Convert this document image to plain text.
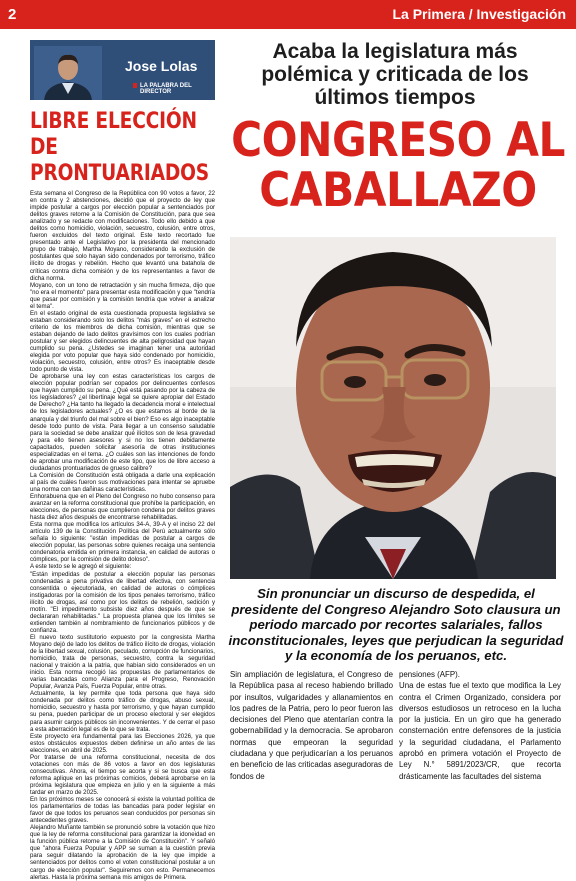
2	La Primera / Investigación
Jose Lolas
LA PALABRA DEL DIRECTOR
LIBRE ELECCIÓN DE PRONTUARIADOS

Esta semana el Congreso de la República con 90 votos a favor, 22 en contra y 2 abstenciones, decidió que el proyecto de ley que impide postular a cargos por elección popular a sentenciados por delitos graves retorne a la Comisión de Constitución, para que sea analizado y se redacte con modificaciones. Todo ello debido a que delitos como homicidio, violación, secuestro, colusión, entre otros, fueron excluidos del texto original. Este texto recortado fue presentado ante el Legislativo por la presidenta del mencionado grupo de trabajo, Martha Moyano, considerando la exclusión de postulantes que solo hayan sido condenados por terrorismo, tráfico ilícito de drogas y rebelión. Hecho que levantó una batahola de críticas contra dicha comisión y de los representantes a favor de dicha norma.

Moyano, con un tono de retractación y sin mucha firmeza, dijo que "no era el momento" para presentar esta modificación y que "tendría que pasar por comisión y la comisión tendría que volver a analizar el tema".

En el estado original de esta cuestionada propuesta legislativa se estaban considerando solo los delitos "más graves" en el estrecho criterio de los miembros de dicha comisión, mientras que se estaban dejando de lado delitos gravísimos con los cuales podrían postular y ser elegidos delincuentes de alta peligrosidad que hayan cumplido su pena. ¿Ustedes se imaginan tener una autoridad elegida por voto popular que haya sido condenado por homicidio, violación, secuestro, colusión, entre otros? Es inaceptable desde todo punto de vista.

De aprobarse una ley con estas características los cargos de elección popular podrían ser copados por delincuentes confesos que hayan cumplido su pena. ¿Qué está pasando por la cabeza de los legisladores? ¿el libertinaje legal se quiere apropiar del Estado de Derecho? ¿Ha tanto ha llegado la decadencia moral e intelectual de los legisladores actuales? ¿O es que estamos al borde de la anarquía y del triunfo del mal sobre el bien? Eso es algo inaceptable desde todo punto de vista. Para llegar a un consenso saludable para la sociedad se debe analizar qué ilícitos son de lesa gravedad y para ello tienen asesores y si no los tienen debidamente capacitados, pueden solicitar asesoría de otras instituciones especializadas en el tema. ¿O cuáles son las intenciones de fondo de aprobar una modificación de este tipo, que los de libre acceso a ciudadanos prontuariados de grueso calibre?

La Comisión de Constitución está obligada a darle una explicación al país de cuáles fueron sus motivaciones para intentar se apruebe una norma con tan dañinas características.

Enhorabuena que en el Pleno del Congreso no hubo consenso para avanzar en la reforma constitucional que prohíbe la participación, en elecciones, de personas que cumplieron condena por delitos graves hasta diez años después de encontrarse rehabilitadas.

Esta norma que modifica los artículos 34-A, 39-A y el inciso 22 del artículo 139 de la Constitución Política del Perú actualmente sólo señala lo siguiente: "están impedidas de postular a cargos de elección popular, las personas sobre quienes recaiga una sentencia condenatoria emitida en primera instancia, en calidad de autoras o cómplices, por la comisión de delito doloso".

A este texto se le agregó el siguiente:

"Están impedidas de postular a elección popular las personas condenadas a pena privativa de libertad efectiva, con sentencia consentida o ejecutoriada, en calidad de autoras o cómplices instigadoras por la comisión de los tipos penales terrorismo, tráfico ilícito de drogas, así como por los delitos de rebelión, sedición y motín. "El impedimento subsiste diez años después de que se declararan rehabilitadas." La propuesta planea que los límites se extienden también al nombramiento de funcionarios públicos y de confianza.

El nuevo texto sustitutorio expuesto por la congresista Martha Moyano dejó de lado los delitos de tráfico ilícito de drogas, violación de la libertad sexual, colusión, peculado, corrupción de funcionarios, homicidio, trata de personas, secuestro, contra la seguridad nacional y traición a la patria, que habían sido considerados en un inicio. Esta norma recogió las propuestas de parlamentarios de varias bancadas como Alianza para el Progreso, Renovación Popular, Avanza País, Fuerza Popular, entre otras.

Actualmente, la ley permite que toda persona que haya sido condenada por delitos como tráfico de drogas, abuso sexual, homicidio, secuestro y hasta por terrorismo, y que hayan cumplido su pena, pueden participar de un proceso electoral y ser elegidos para asumir cargos públicos sin inconvenientes. Y de cerrar el paso a esta aberración legal es de lo que se trata.

Este proyecto era fundamental para las Elecciones 2026, ya que estos obstáculos expuestos deben definirse un año antes de las elecciones, en abril de 2025.

Por tratarse de una reforma constitucional, necesita de dos votaciones con más de 86 votos a favor en dos legislaturas consecutivas. Ahora, el tiempo se acorta y si se busca que esta reforma aplique en las próximas comicios, deberá aprobarse en la próxima legislatura que empieza en julio y en la siguiente a más tardar en marzo de 2025.

En los próximos meses se conocerá si existe la voluntad política de los parlamentarios de todas las bancadas para poder legislar en favor de que todos los peruanos sean conducidos por personas sin antecedentes graves.

Alejandro Muñante también se pronunció sobre la votación que hizo que la ley de reforma constitucional para garantizar la idoneidad en la función pública retorne a la Comisión de Constitución". Y señaló que "ahora Fuerza Popular y APP se suman a la cuestión previa para seguir dilatando la aprobación de la ley que impide a sentenciados por delitos como el voten constitucional postular a un cargo de elección popular". Seguiremos con esto. Permanecemos alertas. Hasta la próxima semana mis amigos de Primera.

Acaba la legislatura más polémica y criticada de los últimos tiempos
CONGRESO AL CABALLAZO
Sin pronunciar un discurso de despedida, el presidente del Congreso Alejandro Soto clausura un periodo marcado por recortes salariales, fallos inconstitucionales, leyes que perjudican la seguridad y la economía de los peruanos, etc.

Sin ampliación de legislatura, el Congreso de la República pasa al receso habiendo brillado por insultos, vulgaridades y allanamientos en los padres de la Patria, pero lo peor fueron las decisiones del Pleno que atentarían contra la gobernabilidad y la democracia. Se aprobaron normas que empeoran la seguridad ciudadana y que perjudicarían a los peruanos en beneficio de las criticadas aseguradoras de fondos de

pensiones (AFP).

Una de estas fue el texto que modifica la Ley contra el Crimen Organizado, considera por diversos estudiosos un retroceso en la lucha por la justicia. En un giro que ha generado consternación entre defensores de la justicia y la seguridad ciudadana, el Parlamento aprobó en primera votación el Proyecto de Ley N.° 5891/2023/CR, que recorta drásticamente las facultades del sistema
